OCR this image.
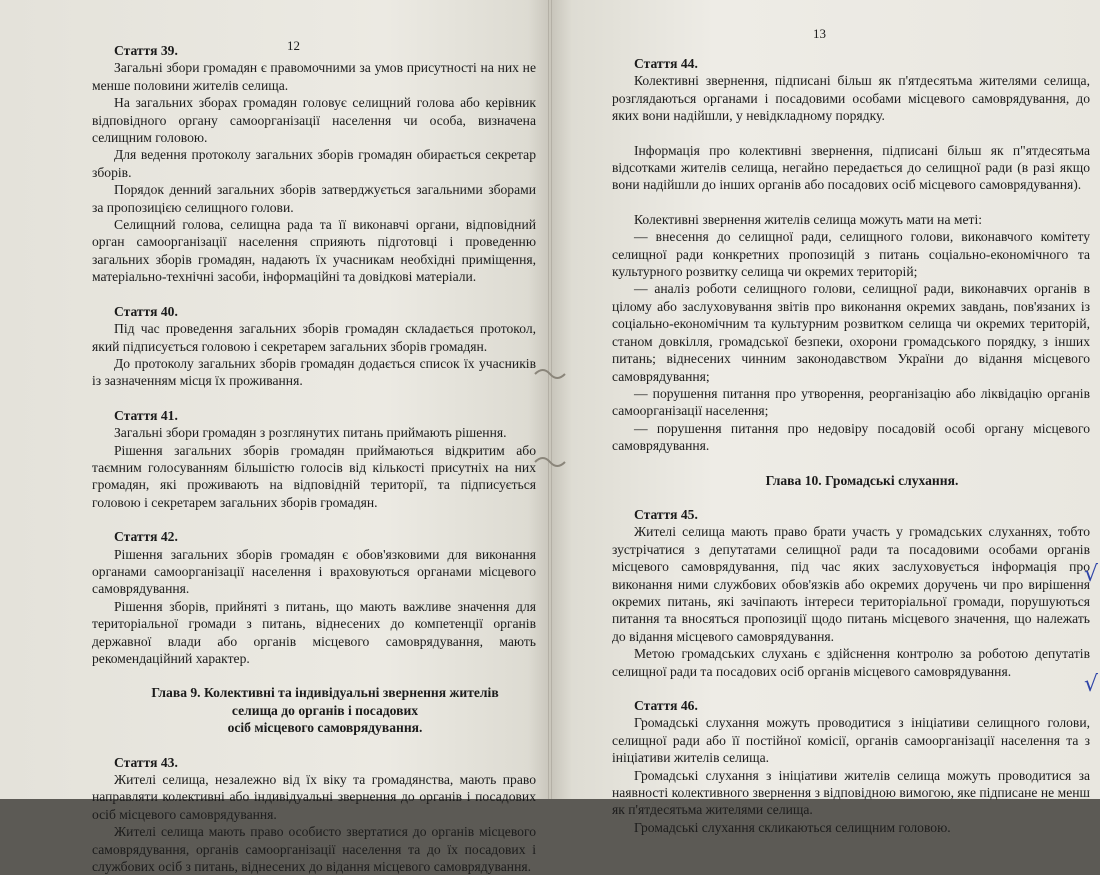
12

Стаття 39.

Загальні збори громадян є правомочними за умов присутності на них не менше половини жителів селища.

На загальних зборах громадян головує селищний голова або керівник відповідного органу самоорганізації населення чи особа, визначена селищним головою.

Для ведення протоколу загальних зборів громадян обирається секретар зборів.

Порядок денний загальних зборів затверджується загальними зборами за пропозицією селищного голови.

Селищний голова, селищна рада та її виконавчі органи, відповідний орган самоорганізації населення сприяють підготовці і проведенню загальних зборів громадян, надають їх учасникам необхідні приміщення, матеріально-технічні засоби, інформаційні та довідкові матеріали.

Стаття 40.

Під час проведення загальних зборів громадян складається протокол, який підписується головою і секретарем загальних зборів громадян.

До протоколу загальних зборів громадян додається список їх учасників із зазначенням місця їх проживання.

Стаття 41.

Загальні збори громадян з розглянутих питань приймають рішення.

Рішення загальних зборів громадян приймаються відкритим або таємним голосуванням більшістю голосів від кількості присутніх на них громадян, які проживають на відповідній території, та підписується головою і секретарем загальних зборів громадян.

Стаття 42.

Рішення загальних зборів громадян є обов'язковими для виконання органами самоорганізації населення і враховуються органами місцевого самоврядування.

Рішення зборів, прийняті з питань, що мають важливе значення для територіальної громади з питань, віднесених до компетенції органів державної влади або органів місцевого самоврядування, мають рекомендаційний характер.

Глава 9. Колективні та індивідуальні звернення жителів

селища до органів і посадових

осіб місцевого самоврядування.

Стаття 43.

Жителі селища, незалежно від їх віку та громадянства, мають право направляти колективні або індивідуальні звернення до органів і посадових осіб місцевого самоврядування.

Жителі селища мають право особисто звертатися до органів місцевого самоврядування, органів самоорганізації населення та до їх посадових і службових осіб з питань, віднесених до відання місцевого самоврядування.

13

Стаття 44.

Колективні звернення, підписані більш як п'ятдесятьма жителями селища, розглядаються органами і посадовими особами місцевого самоврядування, до яких вони надійшли, у невідкладному порядку.

Інформація про колективні звернення, підписані більш як п"ятдесятьма відсотками жителів селища, негайно передається до селищної ради (в разі якщо вони надійшли до інших органів або посадових осіб місцевого самоврядування).

Колективні звернення жителів селища можуть мати на меті:

— внесення до селищної ради, селищного голови, виконавчого комітету селищної ради конкретних пропозицій з питань соціально-економічного та культурного розвитку селища чи окремих територій;

— аналіз роботи селищного голови, селищної ради, виконавчих органів в цілому або заслуховування звітів про виконання окремих завдань, пов'язаних із соціально-економічним та культурним розвитком селища чи окремих територій, станом довкілля, громадської безпеки, охорони громадського порядку, з інших питань; віднесених чинним законодавством України до відання місцевого самоврядування;

— порушення питання про утворення, реорганізацію або ліквідацію органів самоорганізації населення;

— порушення питання про недовіру посадовій особі органу місцевого самоврядування.

Глава 10. Громадські слухання.

Стаття 45.

Жителі селища мають право брати участь у громадських слуханнях, тобто зустрічатися з депутатами селищної ради та посадовими особами органів місцевого самоврядування, під час яких заслуховується інформація про виконання ними службових обов'язків або окремих доручень чи про вирішення окремих питань, які зачіпають інтереси територіальної громади, порушуються питання та вносяться пропозиції щодо питань місцевого значення, що належать до відання місцевого самоврядування.

Метою громадських слухань є здійснення контролю за роботою депутатів селищної ради та посадових осіб органів місцевого самоврядування.

Стаття 46.

Громадські слухання можуть проводитися з ініціативи селищного голови, селищної ради або її постійної комісії, органів самоорганізації населення та з ініціативи жителів селища.

Громадські слухання з ініціативи жителів селища можуть проводитися за наявності колективного звернення з відповідною вимогою, яке підписане не менш як п'ятдесятьма жителями селища.

Громадські слухання скликаються селищним головою.

√
√
